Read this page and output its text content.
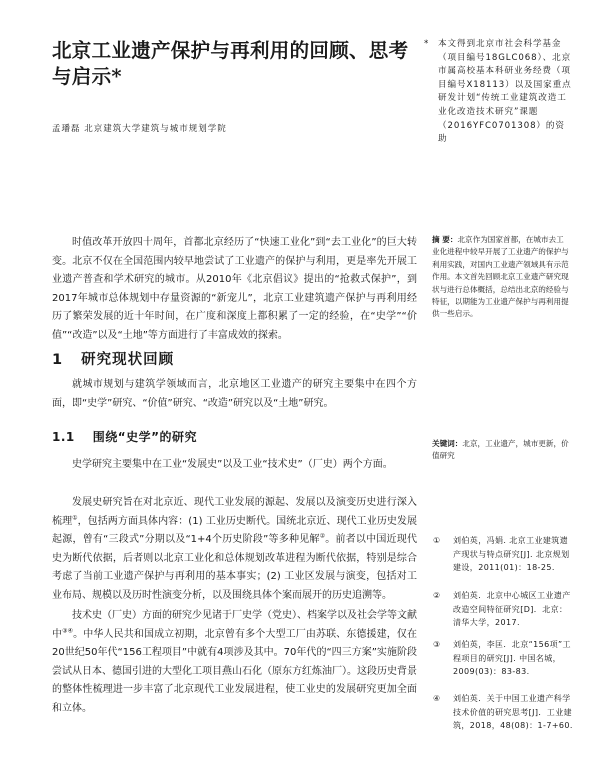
北京工业遗产保护与再利用的回顾、思考与启示*
孟璠磊 北京建筑大学建筑与城市规划学院
*	本文得到北京市社会科学基金（项目编号18GLC068）、北京市属高校基本科研业务经费（项目编号X18113）以及国家重点研发计划“传统工业建筑改造工业化改造技术研究”课题（2016YFC0701308）的资助
时值改革开放四十周年，首都北京经历了“快速工业化”到“去工业化”的巨大转变。北京不仅在全国范围内较早地尝试了工业遗产的保护与利用，更是率先开展工业遗产普查和学术研究的城市。从2010年《北京倡议》提出的“抢救式保护”，到2017年城市总体规划中存量资源的“新宠儿”，北京工业建筑遗产保护与再利用经历了繁荣发展的近十年时间，在广度和深度上都积累了一定的经验，在“史学”“价值”“改造”以及“土地”等方面进行了丰富成效的探索。
摘 要：北京作为国家首都，在城市去工业化进程中较早开展了工业遗产的保护与利用实践，对国内工业遗产领域具有示范作用。本文首先回顾北京工业遗产研究现状与进行总体概括，总结出北京的经验与特征，以期能为工业遗产保护与再利用提供一些启示。
关键词：北京，工业遗产，城市更新，价值研究
1 研究现状回顾
就城市规划与建筑学领域而言，北京地区工业遗产的研究主要集中在四个方面，即“史学”研究、“价值”研究、“改造”研究以及“土地”研究。
1.1 围绕“史学”的研究
史学研究主要集中在工业“发展史”以及工业“技术史”（厂史）两个方面。
发展史研究旨在对北京近、现代工业发展的源起、发展以及演变历史进行深入梳理①，包括两方面具体内容：(1) 工业历史断代。国统北京近、现代工业历史发展起源，曾有“三段式”分期以及“1+4个历史阶段”等多种见解②。前者以中国近现代史为断代依据，后者则以北京工业化和总体规划改革进程为断代依据，特别是综合考虑了当前工业遗产保护与再利用的基本事实；(2) 工业区发展与演变，包括对工业布局、规模以及历时性演变分析，以及围绕具体个案而展开的历史追溯等。
技术史（厂史）方面的研究少见诸于厂史学（党史）、档案学以及社会学等文献中③④。中华人民共和国成立初期，北京曾有多个大型工厂由苏联、东德援建，仅在20世纪50年代“156工程项目”中就有4项涉及其中。70年代的“四三方案”实施阶段尝试从日本、德国引进的大型化工项目燕山石化（原东方红炼油厂）。这段历史背景的整体性梳理进一步丰富了北京现代工业发展进程，使工业史的发展研究更加全面和立体。
①	刘伯英，冯娟. 北京工业建筑遗产现状与特点研究[J]. 北京规划建设，2011(01)：18-25.
②	刘伯英．北京中心城区工业遗产改造空间特征研究[D]．北京：清华大学，2017.
③	刘伯英，李匡．北京“156项”工程项目的研究[J]. 中国名城，2009(03)：83-83.
④	刘伯英．关于中国工业遗产科学技术价值的研究思考[J]．工业建筑，2018，48(08)：1-7+60.
